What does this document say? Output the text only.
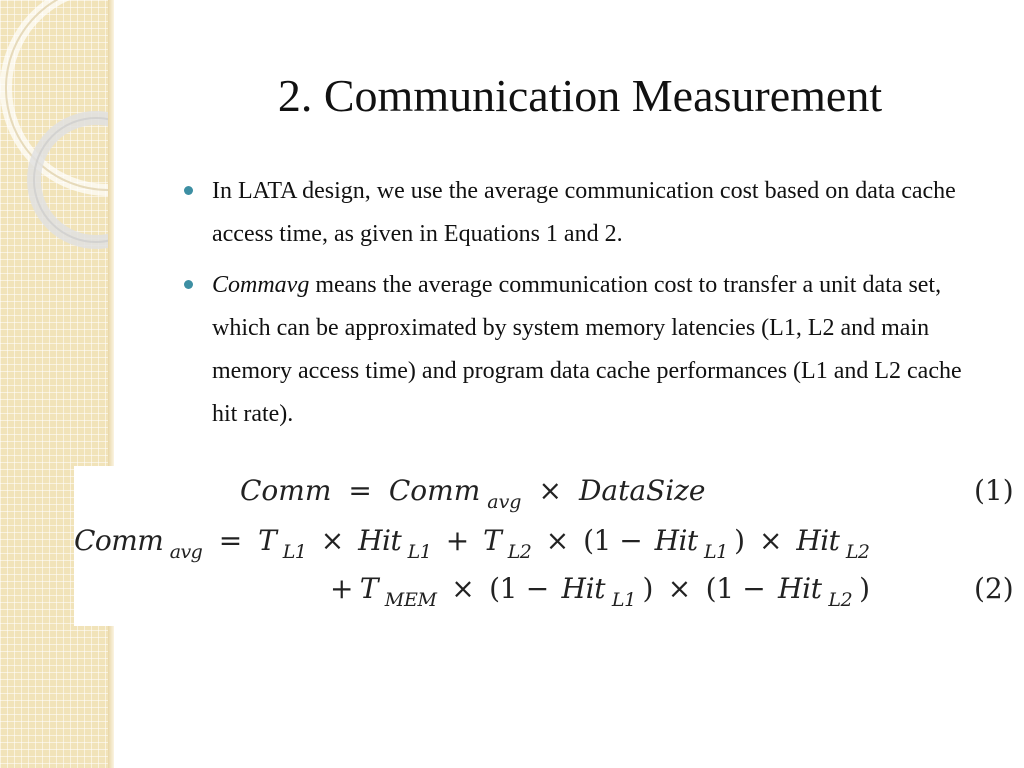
2. Communication Measurement
In LATA design, we use the average communication cost based on data cache access time, as given in Equations 1 and 2.
Commavg means the average communication cost to transfer a unit data set, which can be approximated by system memory latencies (L1, L2 and main memory access time) and program data cache performances (L1 and L2 cache hit rate).
Comm = Comm $_{avg}$ × DataSize	(1)
Comm $_{avg}$ = T $_{L1}$ × Hit $_{L1}$ + T $_{L2}$ × (1 − Hit $_{L1}$ ) × Hit $_{L2}$
+ T $_{MEM}$ × (1 − Hit $_{L1}$ ) × (1 − Hit $_{L2}$ )	(2)
